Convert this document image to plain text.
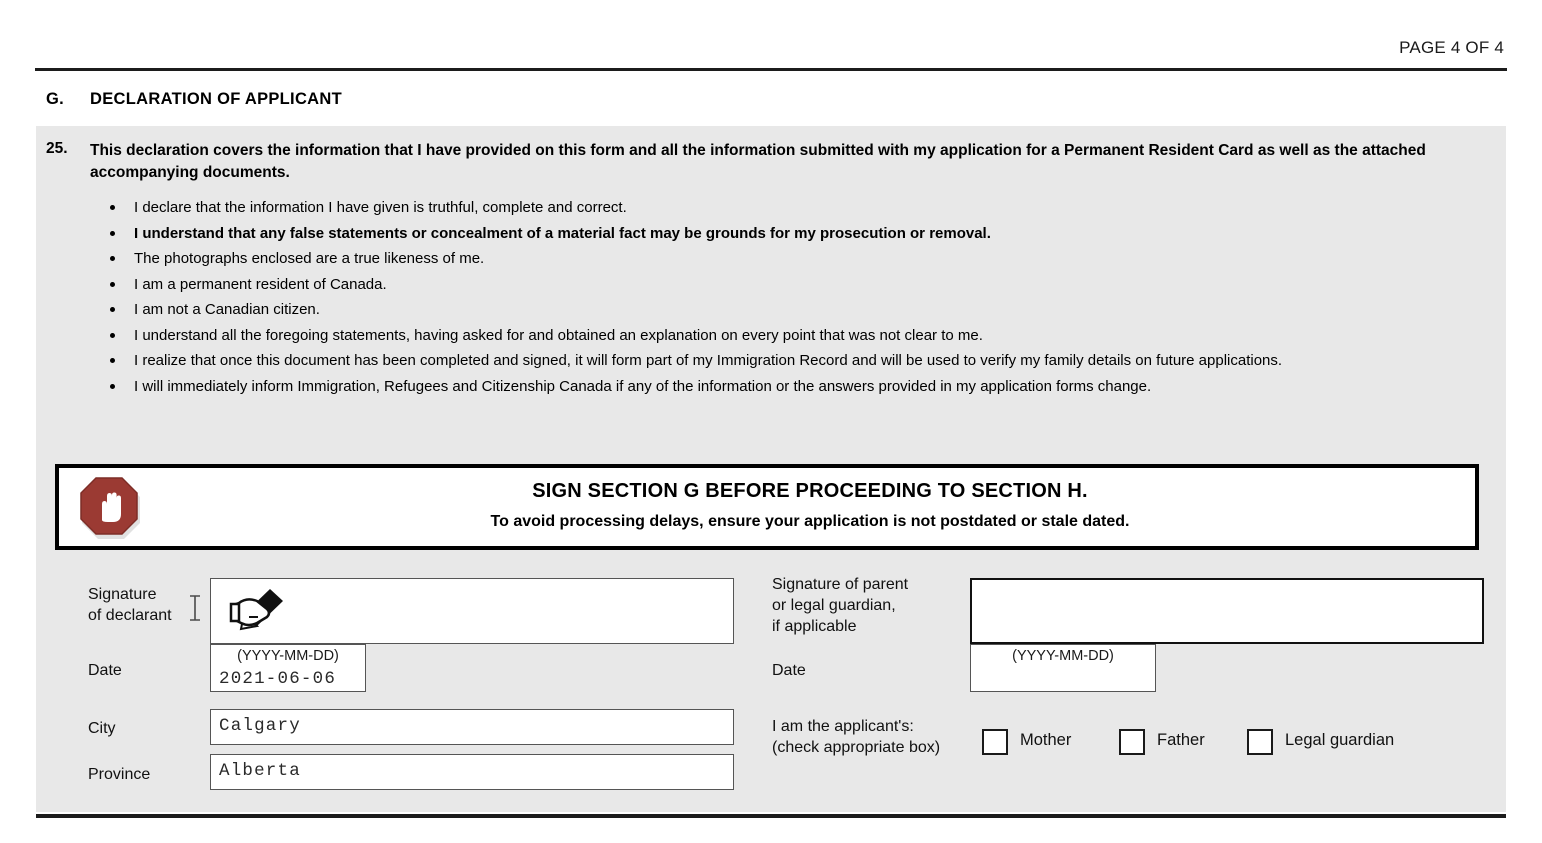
PAGE 4 OF 4
G. DECLARATION OF APPLICANT
25. This declaration covers the information that I have provided on this form and all the information submitted with my application for a Permanent Resident Card as well as the attached accompanying documents.
I declare that the information I have given is truthful, complete and correct.
I understand that any false statements or concealment of a material fact may be grounds for my prosecution or removal.
The photographs enclosed are a true likeness of me.
I am a permanent resident of Canada.
I am not a Canadian citizen.
I understand all the foregoing statements, having asked for and obtained an explanation on every point that was not clear to me.
I realize that once this document has been completed and signed, it will form part of my Immigration Record and will be used to verify my family details on future applications.
I will immediately inform Immigration, Refugees and Citizenship Canada if any of the information or the answers provided in my application forms change.
SIGN SECTION G BEFORE PROCEEDING TO SECTION H.
To avoid processing delays, ensure your application is not postdated or stale dated.
Signature
of declarant
Date
(YYYY-MM-DD)
2021-06-06
City	Calgary
Province	Alberta
Signature of parent
or legal guardian,
if applicable
Date
(YYYY-MM-DD)
I am the applicant's:
(check appropriate box)	Mother	Father	Legal guardian
